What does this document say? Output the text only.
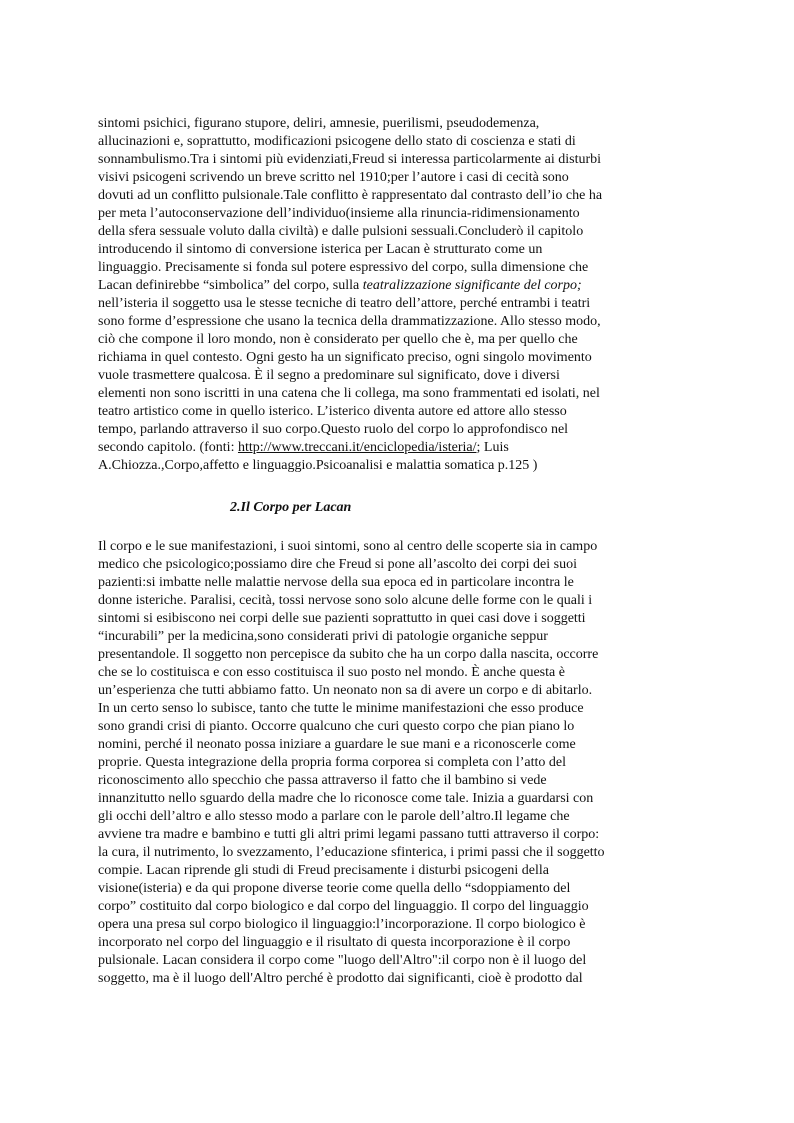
sintomi psichici, figurano stupore, deliri, amnesie, puerilismi, pseudodemenza,
allucinazioni e, soprattutto, modificazioni psicogene dello stato di coscienza e stati di
sonnambulismo.Tra i sintomi più evidenziati,Freud si interessa particolarmente ai disturbi
visivi psicogeni scrivendo un breve scritto nel 1910;per l’autore i casi di cecità sono
dovuti ad un conflitto pulsionale.Tale conflitto è rappresentato dal contrasto dell’io che ha
per meta l’autoconservazione dell’individuo(insieme alla rinuncia-ridimensionamento
della sfera sessuale voluto dalla civiltà) e dalle pulsioni sessuali.Concluderò il capitolo
introducendo il sintomo di conversione isterica per Lacan è strutturato come un
linguaggio. Precisamente si fonda sul potere espressivo del corpo, sulla dimensione che
Lacan definirebbe “simbolica” del corpo, sulla teatralizzazione significante del corpo;
nell’isteria il soggetto usa le stesse tecniche di teatro dell’attore, perché entrambi i teatri
sono forme d’espressione che usano la tecnica della drammatizzazione. Allo stesso modo,
ciò che compone il loro mondo, non è considerato per quello che è, ma per quello che
richiama in quel contesto. Ogni gesto ha un significato preciso, ogni singolo movimento
vuole trasmettere qualcosa. È il segno a predominare sul significato, dove i diversi
elementi non sono iscritti in una catena che li collega, ma sono frammentati ed isolati, nel
teatro artistico come in quello isterico. L’isterico diventa autore ed attore allo stesso
tempo, parlando attraverso il suo corpo.Questo ruolo del corpo lo approfondisco nel
secondo capitolo. (fonti: http://www.treccani.it/enciclopedia/isteria/; Luis
A.Chiozza.,Corpo,affetto e linguaggio.Psicoanalisi e malattia somatica p.125 )
2.Il Corpo per Lacan
Il corpo e le sue manifestazioni, i suoi sintomi, sono al centro delle scoperte sia in campo
medico che psicologico;possiamo dire che Freud si pone all’ascolto dei corpi dei suoi
pazienti:si imbatte nelle malattie nervose della sua epoca ed in particolare incontra le
donne isteriche. Paralisi, cecità, tossi nervose sono solo alcune delle forme con le quali i
sintomi si esibiscono nei corpi delle sue pazienti soprattutto in quei casi dove i soggetti
“incurabili” per la medicina,sono considerati privi di patologie organiche seppur
presentandole. Il soggetto non percepisce da subito che ha un corpo dalla nascita, occorre
che se lo costituisca e con esso costituisca il suo posto nel mondo. È anche questa è
un’esperienza che tutti abbiamo fatto. Un neonato non sa di avere un corpo e di abitarlo.
In un certo senso lo subisce, tanto che tutte le minime manifestazioni che esso produce
sono grandi crisi di pianto. Occorre qualcuno che curi questo corpo che pian piano lo
nomini, perché il neonato possa iniziare a guardare le sue mani e a riconoscerle come
proprie. Questa integrazione della propria forma corporea si completa con l’atto del
riconoscimento allo specchio che passa attraverso il fatto che il bambino si vede
innanzitutto nello sguardo della madre che lo riconosce come tale. Inizia a guardarsi con
gli occhi dell’altro e allo stesso modo a parlare con le parole dell’altro.Il legame che
avviene tra madre e bambino e tutti gli altri primi legami passano tutti attraverso il corpo:
la cura, il nutrimento, lo svezzamento, l’educazione sfinterica, i primi passi che il soggetto
compie. Lacan riprende gli studi di Freud precisamente i disturbi psicogeni della
visione(isteria) e da qui propone diverse teorie come quella dello “sdoppiamento del
corpo” costituito dal corpo biologico e dal corpo del linguaggio. Il corpo del linguaggio
opera una presa sul corpo biologico il linguaggio:l’incorporazione. Il corpo biologico è
incorporato nel corpo del linguaggio e il risultato di questa incorporazione è il corpo
pulsionale. Lacan considera il corpo come "luogo dell'Altro":il corpo non è il luogo del
soggetto, ma è il luogo dell'Altro perché è prodotto dai significanti, cioè è prodotto dal
